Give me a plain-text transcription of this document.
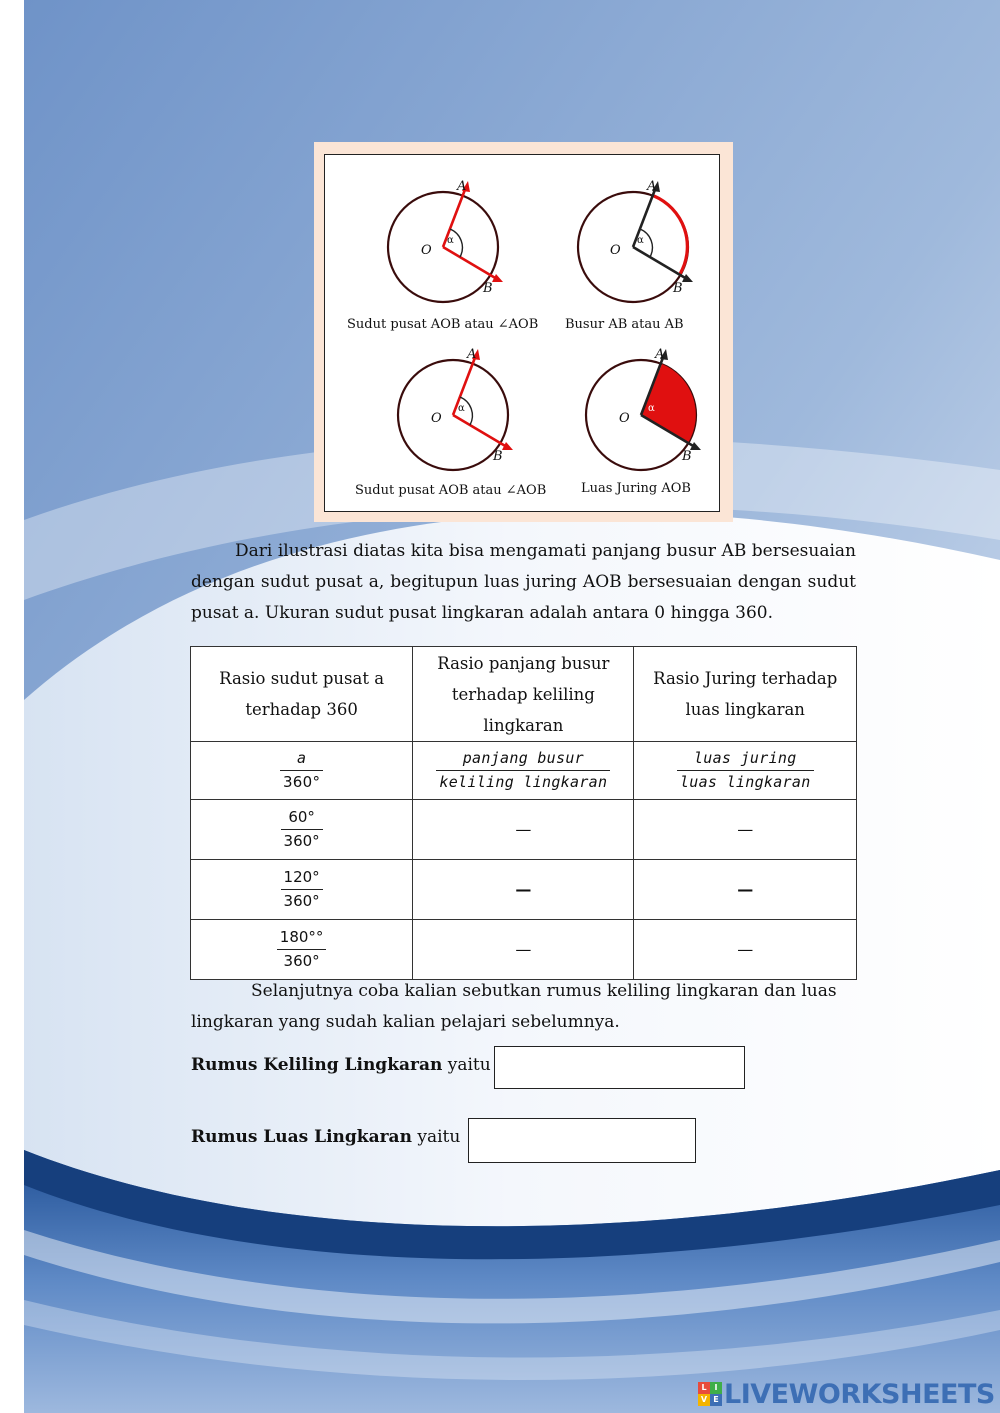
O
A
B
α
O
A
B
α
O
A
B
α
O
A
B
α
Sudut pusat AOB atau ∠AOB Busur AB atau AB
Sudut pusat AOB atau ∠AOB	Luas Juring AOB

Dari ilustrasi diatas kita bisa mengamati panjang busur AB bersesuaian dengan sudut pusat a, begitupun luas juring AOB bersesuaian dengan sudut pusat a. Ukuran sudut pusat lingkaran adalah antara 0 hingga 360.

Rasio sudut pusat a terhadap 360	Rasio panjang busur terhadap keliling lingkaran	Rasio Juring terhadap luas lingkaran

$\frac{a}{360^\circ}$	$\frac{\text{panjang busur}}{\text{keliling lingkaran}}$	$\frac{\text{luas juring}}{\text{luas lingkaran}}$

$\frac{60^\circ}{360^\circ}$	—	—

$\frac{120^\circ}{360^\circ}$	—	—

$\frac{180^\circ^\circ}{360^\circ}$	—	—

Selanjutnya coba kalian sebutkan rumus keliling lingkaran dan luas lingkaran yang sudah kalian pelajari sebelumnya.

Rumus Keliling Lingkaran yaitu
Rumus Luas Lingkaran yaitu
L I
V E LIVEWORKSHEETS
